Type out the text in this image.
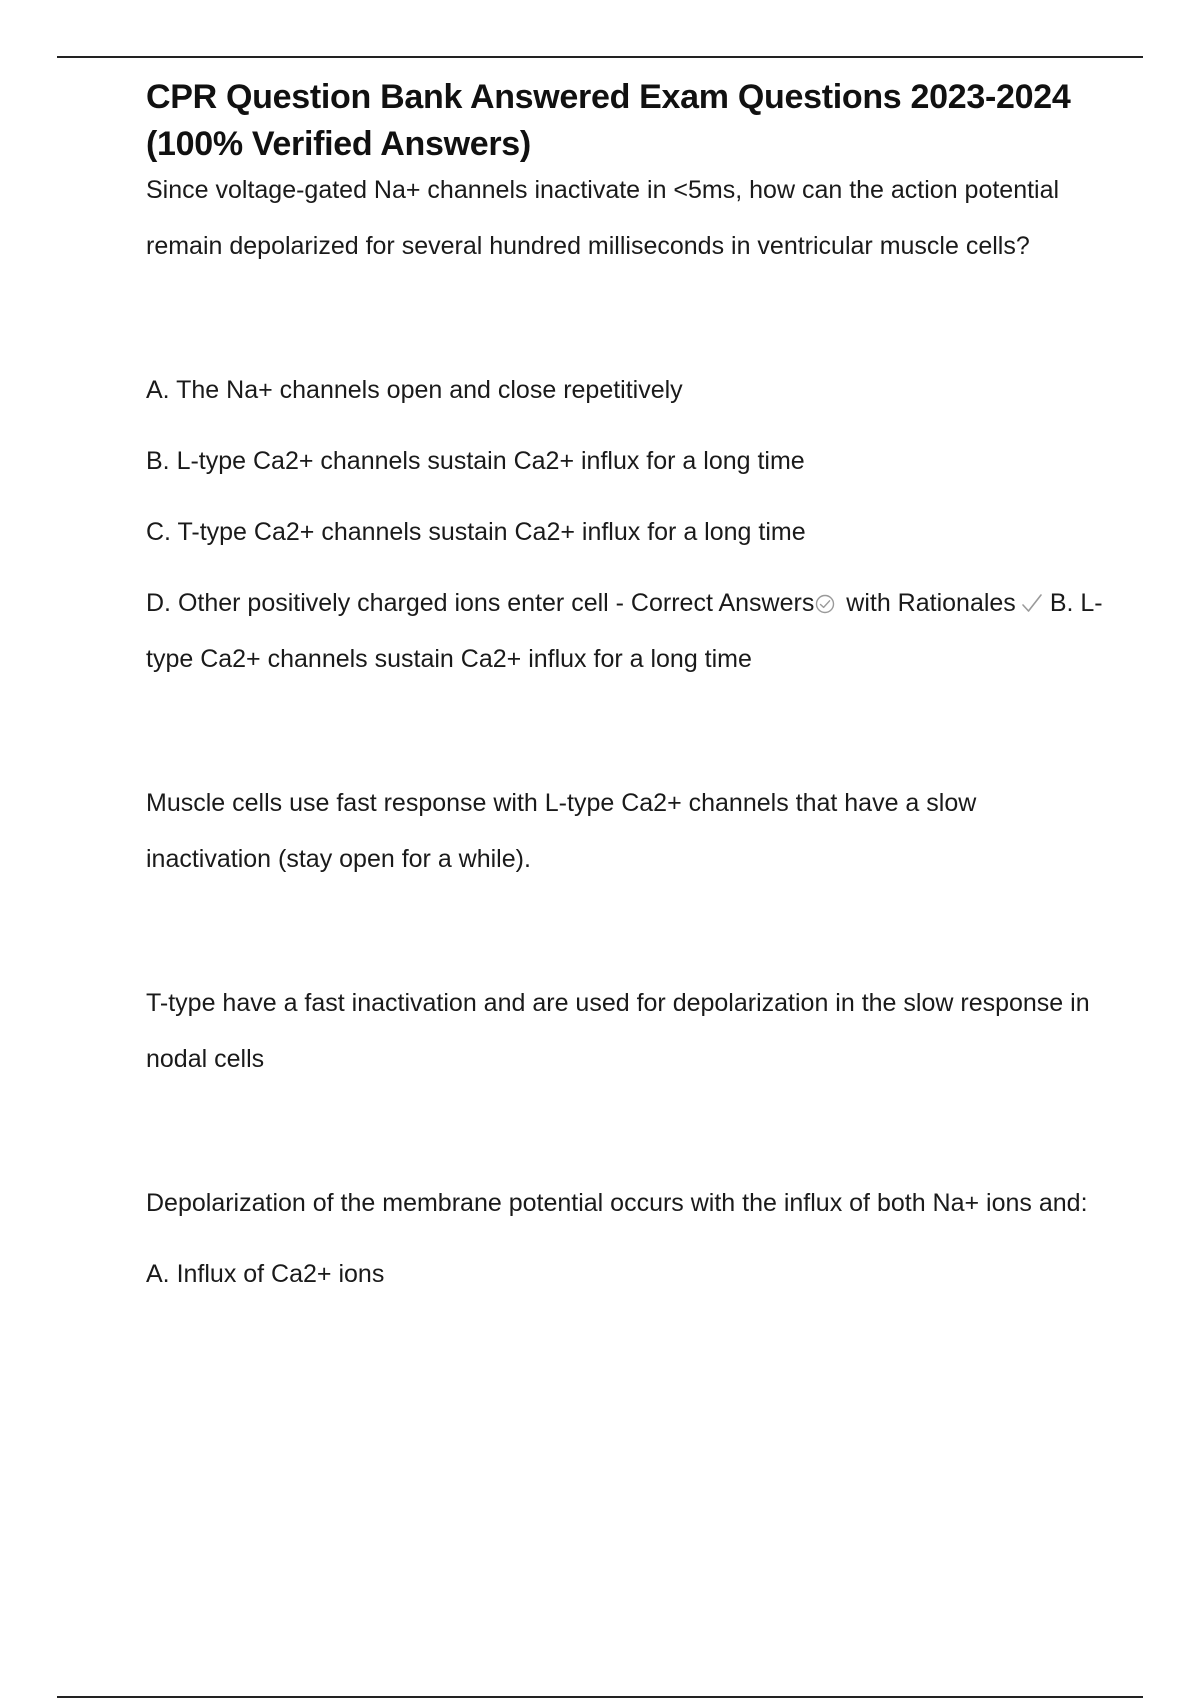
CPR Question Bank Answered Exam Questions 2023-2024 (100% Verified Answers)

Since voltage-gated Na+ channels inactivate in <5ms, how can the action potential remain depolarized for several hundred milliseconds in ventricular muscle cells?

A. The Na+ channels open and close repetitively

B. L-type Ca2+ channels sustain Ca2+ influx for a long time

C. T-type Ca2+ channels sustain Ca2+ influx for a long time

D. Other positively charged ions enter cell - Correct Answers with Rationales B. L-type Ca2+ channels sustain Ca2+ influx for a long time

Muscle cells use fast response with L-type Ca2+ channels that have a slow inactivation (stay open for a while).

T-type have a fast inactivation and are used for depolarization in the slow response in nodal cells

Depolarization of the membrane potential occurs with the influx of both Na+ ions and:

A. Influx of Ca2+ ions
